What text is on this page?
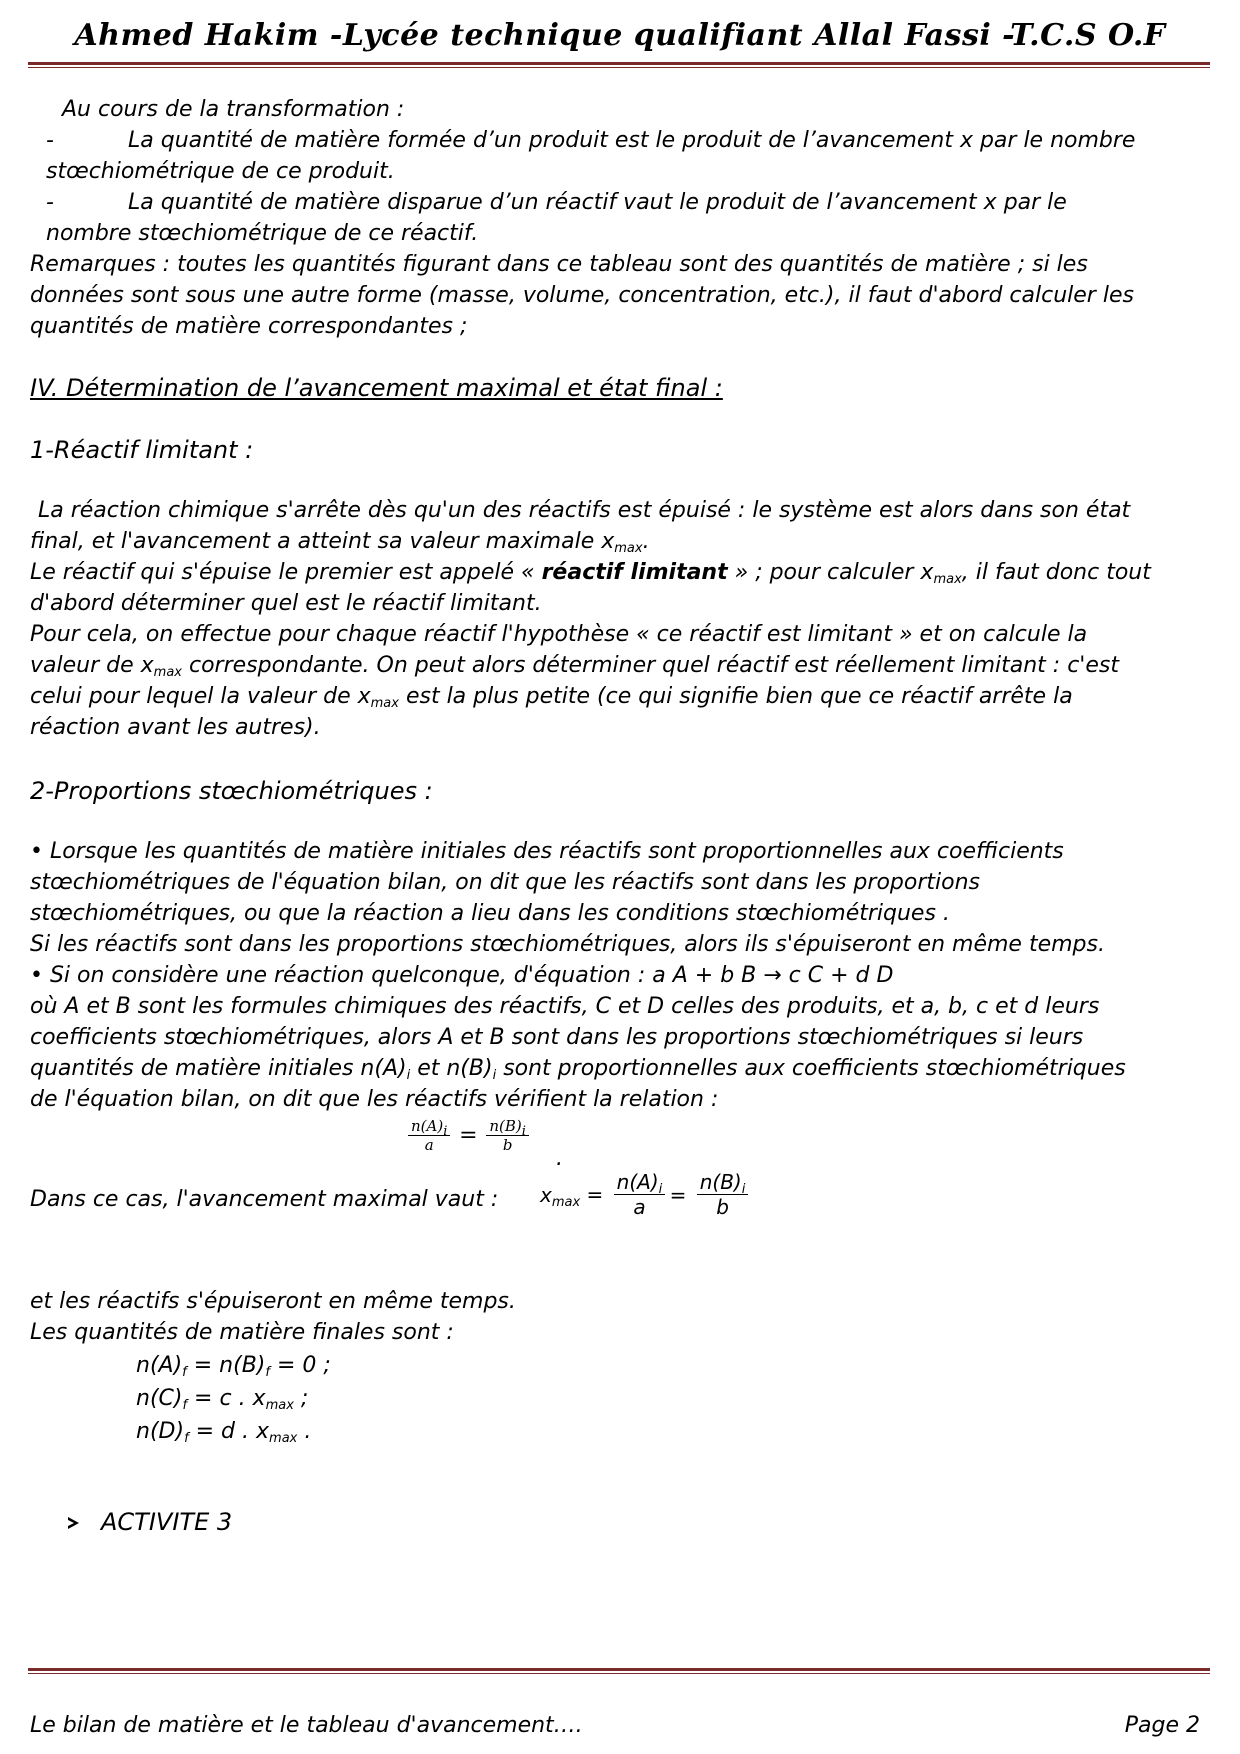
Ahmed Hakim -Lycée technique qualifiant Allal Fassi -T.C.S O.F
Au cours de la transformation :
-	La quantité de matière formée d’un produit est le produit de l’avancement x par le nombre
stœchiométrique de ce produit.
-	La quantité de matière disparue d’un réactif vaut le produit de l’avancement x par le
nombre stœchiométrique de ce réactif.
Remarques : toutes les quantités figurant dans ce tableau sont des quantités de matière ; si les
données sont sous une autre forme (masse, volume, concentration, etc.), il faut d'abord calculer les
quantités de matière correspondantes ;
IV. Détermination de l’avancement maximal et état final :
1-Réactif limitant :
La réaction chimique s'arrête dès qu'un des réactifs est épuisé : le système est alors dans son état
final, et l'avancement a atteint sa valeur maximale $x_{max}$.
Le réactif qui s'épuise le premier est appelé « réactif limitant » ; pour calculer $x_{max}$, il faut donc tout
d'abord déterminer quel est le réactif limitant.
Pour cela, on effectue pour chaque réactif l'hypothèse « ce réactif est limitant » et on calcule la
valeur de $x_{max}$ correspondante. On peut alors déterminer quel réactif est réellement limitant : c'est
celui pour lequel la valeur de $x_{max}$ est la plus petite (ce qui signifie bien que ce réactif arrête la
réaction avant les autres).
2-Proportions stœchiométriques :
• Lorsque les quantités de matière initiales des réactifs sont proportionnelles aux coefficients
stœchiométriques de l'équation bilan, on dit que les réactifs sont dans les proportions
stœchiométriques, ou que la réaction a lieu dans les conditions stœchiométriques .
Si les réactifs sont dans les proportions stœchiométriques, alors ils s'épuiseront en même temps.
• Si on considère une réaction quelconque, d'équation : a A + b B → c C + d D
où A et B sont les formules chimiques des réactifs, C et D celles des produits, et a, b, c et d leurs
coefficients stœchiométriques, alors A et B sont dans les proportions stœchiométriques si leurs
quantités de matière initiales $n(A)_i$ et $n(B)_i$ sont proportionnelles aux coefficients stœchiométriques
de l'équation bilan, on dit que les réactifs vérifient la relation :
$\frac{n(A)_i}{a} = \frac{n(B)_i}{b}$
.
Dans ce cas, l'avancement maximal vaut : $x_{max} = \frac{n(A)_i}{a} = \frac{n(B)_i}{b}$
et les réactifs s'épuiseront en même temps.
Les quantités de matière finales sont :
$n(A)_f = n(B)_f = 0$ ;
$n(C)_f = c$ . $x_{max}$ ;
$n(D)_f = d$ . $x_{max}$ .
ACTIVITE 3
Le bilan de matière et le tableau d'avancement….	Page 2
